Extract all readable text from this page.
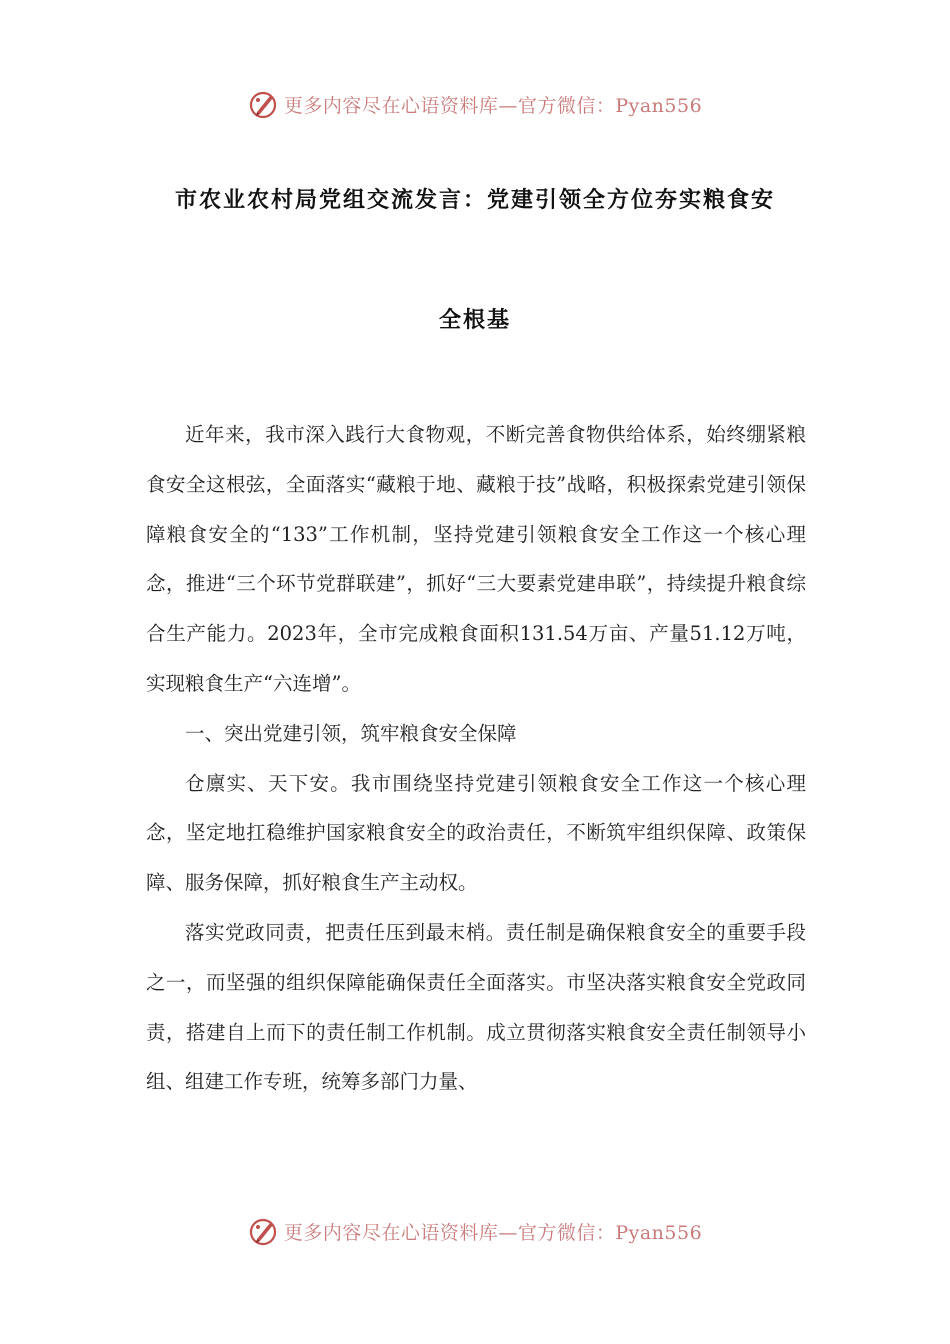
更多内容尽在心语资料库—官方微信：Pyan556
市农业农村局党组交流发言：党建引领全方位夯实粮食安
全根基

近年来，我市深入践行大食物观，不断完善食物供给体系，始终绷紧粮食安全这根弦，全面落实“藏粮于地、藏粮于技”战略，积极探索党建引领保障粮食安全的“133”工作机制，坚持党建引领粮食安全工作这一个核心理念，推进“三个环节党群联建”，抓好“三大要素党建串联”，持续提升粮食综合生产能力。2023年，全市完成粮食面积131.54万亩、产量51.12万吨，实现粮食生产“六连增”。

一、突出党建引领，筑牢粮食安全保障

仓廪实、天下安。我市围绕坚持党建引领粮食安全工作这一个核心理念，坚定地扛稳维护国家粮食安全的政治责任，不断筑牢组织保障、政策保障、服务保障，抓好粮食生产主动权。

落实党政同责，把责任压到最末梢。责任制是确保粮食安全的重要手段之一，而坚强的组织保障能确保责任全面落实。市坚决落实粮食安全党政同责，搭建自上而下的责任制工作机制。成立贯彻落实粮食安全责任制领导小组、组建工作专班，统筹多部门力量、

更多内容尽在心语资料库—官方微信：Pyan556
